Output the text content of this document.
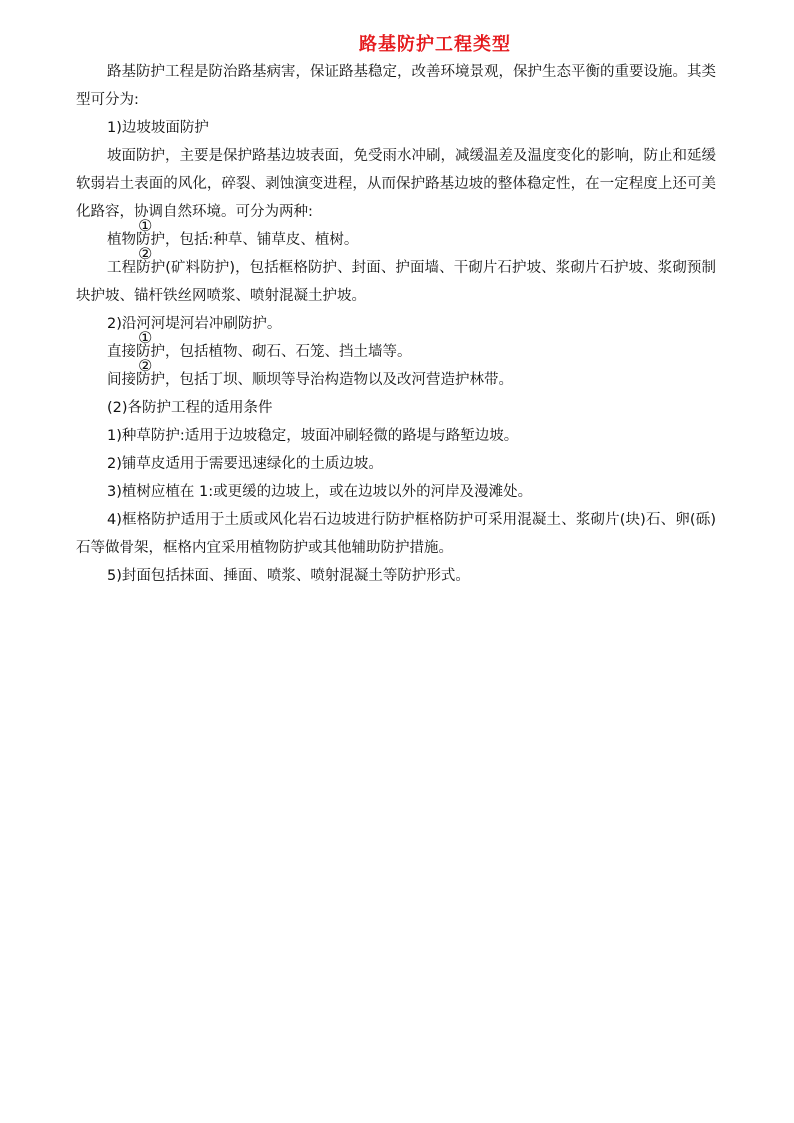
路基防护工程类型

路基防护工程是防治路基病害，保证路基稳定，改善环境景观，保护生态平衡的重要设施。其类型可分为:

1)边坡坡面防护

坡面防护，主要是保护路基边坡表面，免受雨水冲刷，减缓温差及温度变化的影响，防止和延缓软弱岩土表面的风化，碎裂、剥蚀演变进程，从而保护路基边坡的整体稳定性，在一定程度上还可美化路容，协调自然环境。可分为两种:

①
植物防护，包括:种草、铺草皮、植树。

②
工程防护(矿料防护)，包括框格防护、封面、护面墙、干砌片石护坡、浆砌片石护坡、浆砌预制块护坡、锚杆铁丝网喷浆、喷射混凝土护坡。

2)沿河河堤河岩冲刷防护。

①
直接防护，包括植物、砌石、石笼、挡土墙等。

②
间接防护，包括丁坝、顺坝等导治构造物以及改河营造护林带。

(2)各防护工程的适用条件

1)种草防护:适用于边坡稳定，坡面冲刷轻微的路堤与路堑边坡。

2)铺草皮适用于需要迅速绿化的土质边坡。

3)植树应植在 1:或更缓的边坡上，或在边坡以外的河岸及漫滩处。

4)框格防护适用于土质或风化岩石边坡进行防护框格防护可采用混凝土、浆砌片(块)石、卵(砾)石等做骨架，框格内宜采用植物防护或其他辅助防护措施。

5)封面包括抹面、捶面、喷浆、喷射混凝土等防护形式。
